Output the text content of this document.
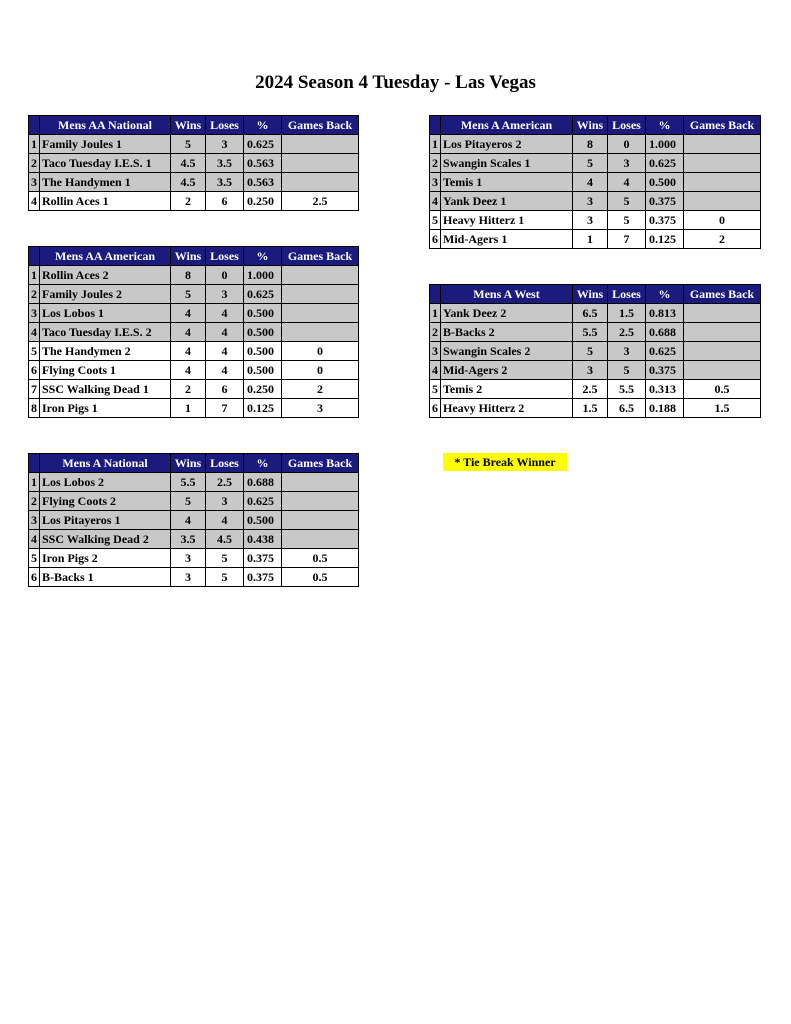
2024 Season 4 Tuesday - Las Vegas
	Mens AA National	Wins	Loses	%	Games Back
1	Family Joules 1	5	3	0.625	
2	Taco Tuesday I.E.S. 1	4.5	3.5	0.563	
3	The Handymen 1	4.5	3.5	0.563	
4	Rollin Aces 1	2	6	0.250	2.5
	Mens AA American	Wins	Loses	%	Games Back
1	Rollin Aces 2	8	0	1.000	
2	Family Joules 2	5	3	0.625	
3	Los Lobos 1	4	4	0.500	
4	Taco Tuesday I.E.S. 2	4	4	0.500	
5	The Handymen 2	4	4	0.500	0
6	Flying Coots 1	4	4	0.500	0
7	SSC Walking Dead 1	2	6	0.250	2
8	Iron Pigs 1	1	7	0.125	3
	Mens A National	Wins	Loses	%	Games Back
1	Los Lobos 2	5.5	2.5	0.688	
2	Flying Coots 2	5	3	0.625	
3	Los Pitayeros 1	4	4	0.500	
4	SSC Walking Dead 2	3.5	4.5	0.438	
5	Iron Pigs 2	3	5	0.375	0.5
6	B-Backs 1	3	5	0.375	0.5
	Mens A American	Wins	Loses	%	Games Back
1	Los Pitayeros 2	8	0	1.000	
2	Swangin Scales 1	5	3	0.625	
3	Temis 1	4	4	0.500	
4	Yank Deez 1	3	5	0.375	
5	Heavy Hitterz 1	3	5	0.375	0
6	Mid-Agers 1	1	7	0.125	2
	Mens A West	Wins	Loses	%	Games Back
1	Yank Deez 2	6.5	1.5	0.813	
2	B-Backs 2	5.5	2.5	0.688	
3	Swangin Scales 2	5	3	0.625	
4	Mid-Agers 2	3	5	0.375	
5	Temis 2	2.5	5.5	0.313	0.5
6	Heavy Hitterz 2	1.5	6.5	0.188	1.5
* Tie Break Winner
